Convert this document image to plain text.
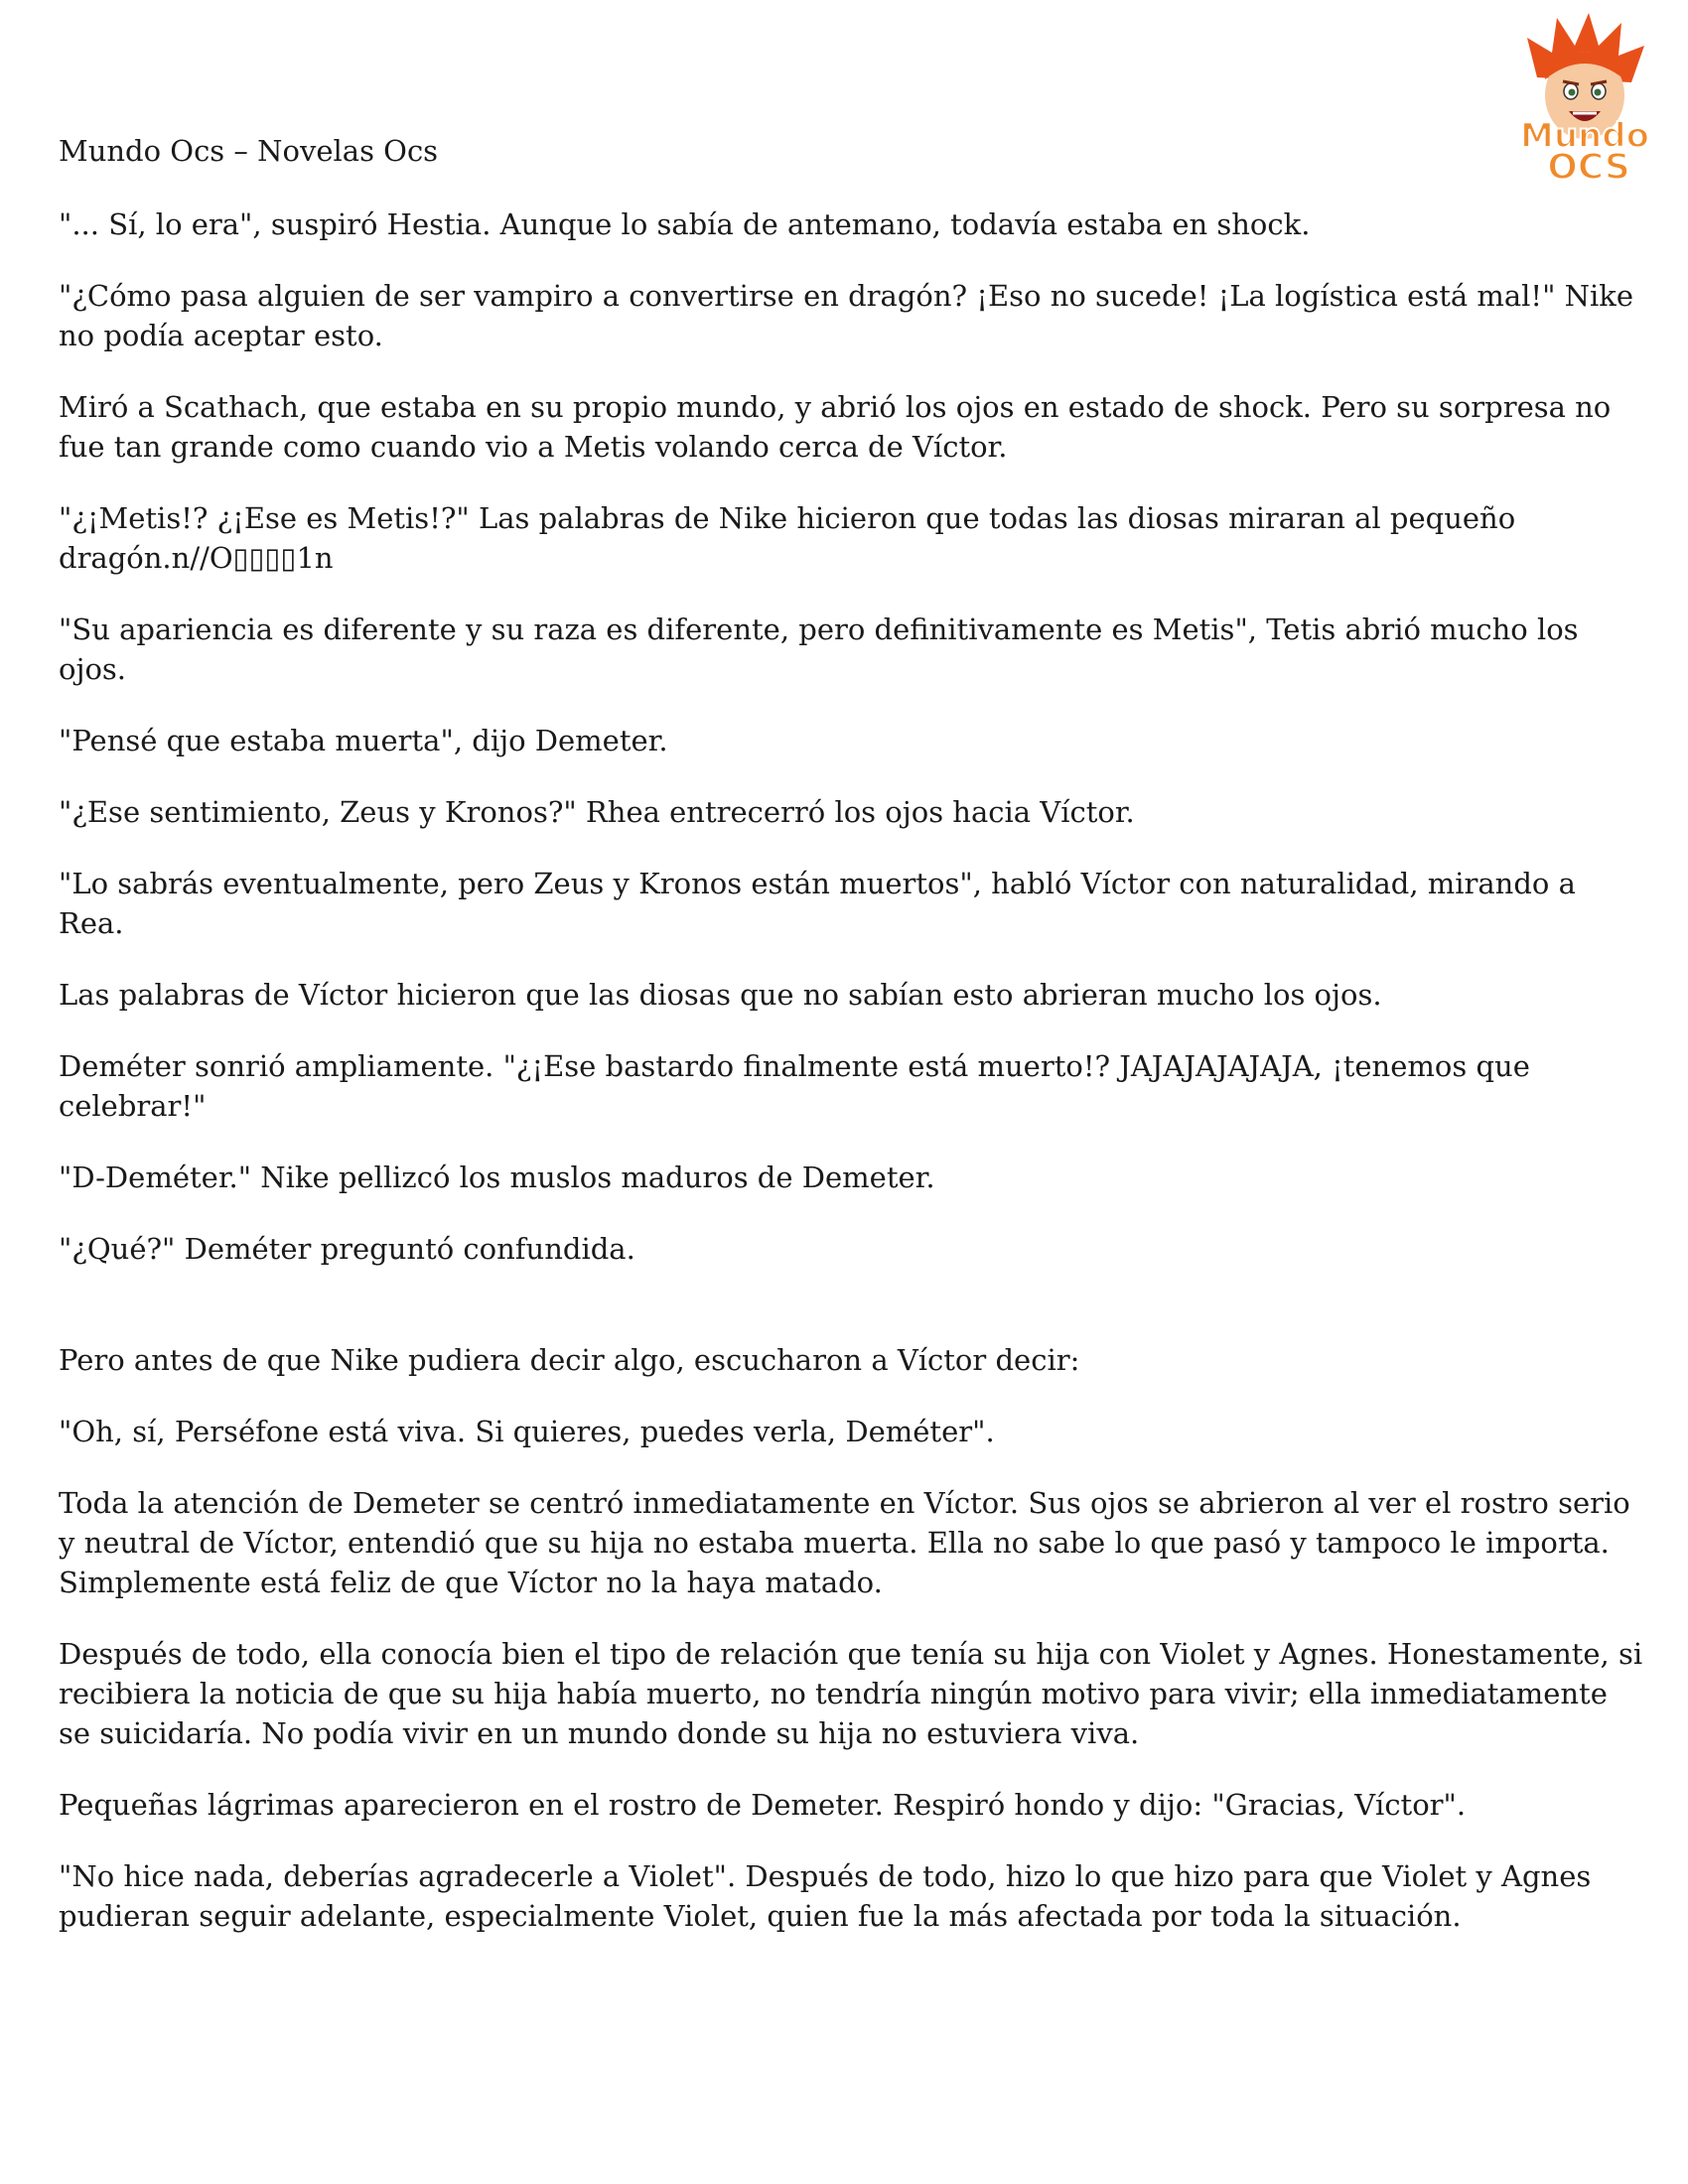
Mundo Ocs – Novelas Ocs	Mundo
OCS

"... Sí, lo era", suspiró Hestia. Aunque lo sabía de antemano, todavía estaba en shock.

"¿Cómo pasa alguien de ser vampiro a convertirse en dragón? ¡Eso no sucede! ¡La logística está mal!" Nike no podía aceptar esto.

Miró a Scathach, que estaba en su propio mundo, y abrió los ojos en estado de shock. Pero su sorpresa no fue tan grande como cuando vio a Metis volando cerca de Víctor.

"¿¡Metis!? ¿¡Ese es Metis!?" Las palabras de Nike hicieron que todas las diosas miraran al pequeño dragón.n//O▯▯▯▯1n

"Su apariencia es diferente y su raza es diferente, pero definitivamente es Metis", Tetis abrió mucho los ojos.

"Pensé que estaba muerta", dijo Demeter.

"¿Ese sentimiento, Zeus y Kronos?" Rhea entrecerró los ojos hacia Víctor.

"Lo sabrás eventualmente, pero Zeus y Kronos están muertos", habló Víctor con naturalidad, mirando a Rea.

Las palabras de Víctor hicieron que las diosas que no sabían esto abrieran mucho los ojos.

Deméter sonrió ampliamente. "¿¡Ese bastardo finalmente está muerto!? JAJAJAJAJAJA, ¡tenemos que celebrar!"

"D-Deméter." Nike pellizcó los muslos maduros de Demeter.

"¿Qué?" Deméter preguntó confundida.

Pero antes de que Nike pudiera decir algo, escucharon a Víctor decir:

"Oh, sí, Perséfone está viva. Si quieres, puedes verla, Deméter".

Toda la atención de Demeter se centró inmediatamente en Víctor. Sus ojos se abrieron al ver el rostro serio y neutral de Víctor, entendió que su hija no estaba muerta. Ella no sabe lo que pasó y tampoco le importa. Simplemente está feliz de que Víctor no la haya matado.

Después de todo, ella conocía bien el tipo de relación que tenía su hija con Violet y Agnes. Honestamente, si recibiera la noticia de que su hija había muerto, no tendría ningún motivo para vivir; ella inmediatamente se suicidaría. No podía vivir en un mundo donde su hija no estuviera viva.

Pequeñas lágrimas aparecieron en el rostro de Demeter. Respiró hondo y dijo: "Gracias, Víctor".

"No hice nada, deberías agradecerle a Violet". Después de todo, hizo lo que hizo para que Violet y Agnes pudieran seguir adelante, especialmente Violet, quien fue la más afectada por toda la situación.
